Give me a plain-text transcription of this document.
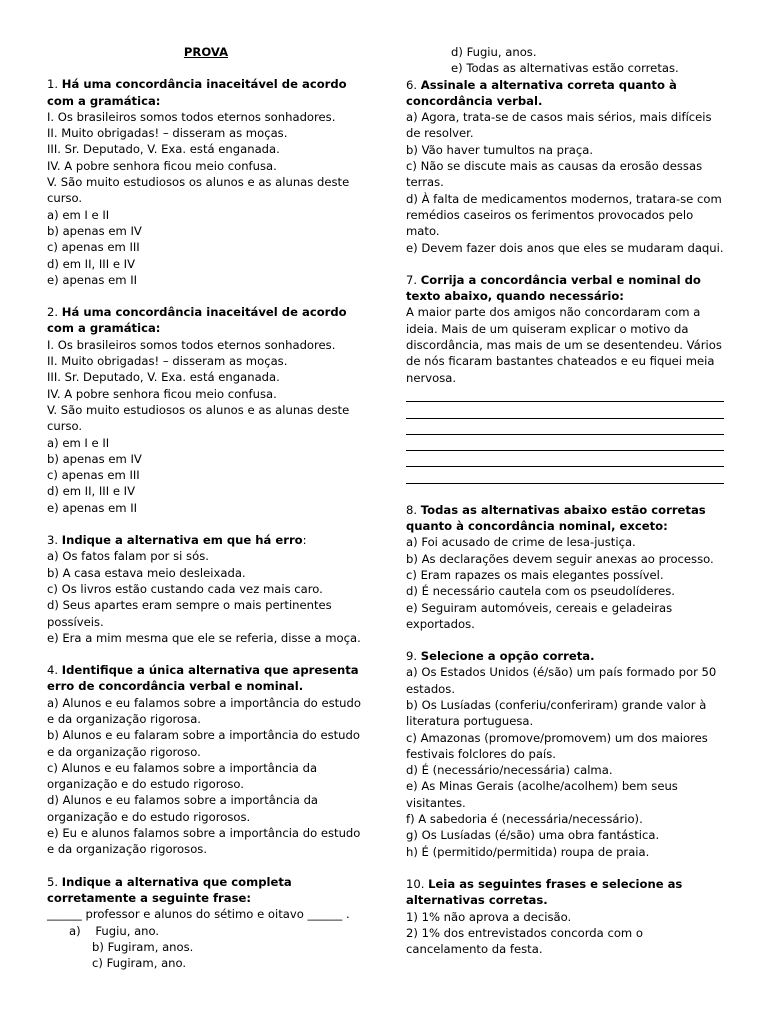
PROVA

1. Há uma concordância inaceitável de acordo com a gramática:

I. Os brasileiros somos todos eternos sonhadores.

II. Muito obrigadas! – disseram as moças.

III. Sr. Deputado, V. Exa. está enganada.

IV. A pobre senhora ficou meio confusa.

V. São muito estudiosos os alunos e as alunas deste curso.

a) em I e II

b) apenas em IV

c) apenas em III

d) em II, III e IV

e) apenas em II

2. Há uma concordância inaceitável de acordo com a gramática:

I. Os brasileiros somos todos eternos sonhadores.

II. Muito obrigadas! – disseram as moças.

III. Sr. Deputado, V. Exa. está enganada.

IV. A pobre senhora ficou meio confusa.

V. São muito estudiosos os alunos e as alunas deste curso.

a) em I e II

b) apenas em IV

c) apenas em III

d) em II, III e IV

e) apenas em II

3. Indique a alternativa em que há erro:

a) Os fatos falam por si sós.

b) A casa estava meio desleixada.

c) Os livros estão custando cada vez mais caro.

d) Seus apartes eram sempre o mais pertinentes possíveis.

e) Era a mim mesma que ele se referia, disse a moça.

4. Identifique a única alternativa que apresenta erro de concordância verbal e nominal.

a) Alunos e eu falamos sobre a importância do estudo e da organização rigorosa.

b) Alunos e eu falaram sobre a importância do estudo e da organização rigoroso.

c) Alunos e eu falamos sobre a importância da organização e do estudo rigoroso.

d) Alunos e eu falamos sobre a importância da organização e do estudo rigorosos.

e) Eu e alunos falamos sobre a importância do estudo e da organização rigorosos.

5. Indique a alternativa que completa corretamente a seguinte frase:

______ professor e alunos do sétimo e oitavo ______ .

a) Fugiu, ano.

b) Fugiram, anos.

c) Fugiram, ano.

d) Fugiu, anos.

e) Todas as alternativas estão corretas.

6. Assinale a alternativa correta quanto à concordância verbal.

a) Agora, trata-se de casos mais sérios, mais difíceis de resolver.

b) Vão haver tumultos na praça.

c) Não se discute mais as causas da erosão dessas terras.

d) À falta de medicamentos modernos, tratara-se com remédios caseiros os ferimentos provocados pelo mato.

e) Devem fazer dois anos que eles se mudaram daqui.

7. Corrija a concordância verbal e nominal do texto abaixo, quando necessário:

A maior parte dos amigos não concordaram com a ideia. Mais de um quiseram explicar o motivo da discordância, mas mais de um se desentendeu. Vários de nós ficaram bastantes chateados e eu fiquei meia nervosa.

8. Todas as alternativas abaixo estão corretas quanto à concordância nominal, exceto:

a) Foi acusado de crime de lesa-justiça.

b) As declarações devem seguir anexas ao processo.

c) Eram rapazes os mais elegantes possível.

d) É necessário cautela com os pseudolíderes.

e) Seguiram automóveis, cereais e geladeiras exportados.

9. Selecione a opção correta.

a) Os Estados Unidos (é/são) um país formado por 50 estados.

b) Os Lusíadas (conferiu/conferiram) grande valor à literatura portuguesa.

c) Amazonas (promove/promovem) um dos maiores festivais folclores do país.

d) É (necessário/necessária) calma.

e) As Minas Gerais (acolhe/acolhem) bem seus visitantes.

f) A sabedoria é (necessária/necessário).

g) Os Lusíadas (é/são) uma obra fantástica.

h) É (permitido/permitida) roupa de praia.

10. Leia as seguintes frases e selecione as alternativas corretas.

1) 1% não aprova a decisão.

2) 1% dos entrevistados concorda com o cancelamento da festa.
